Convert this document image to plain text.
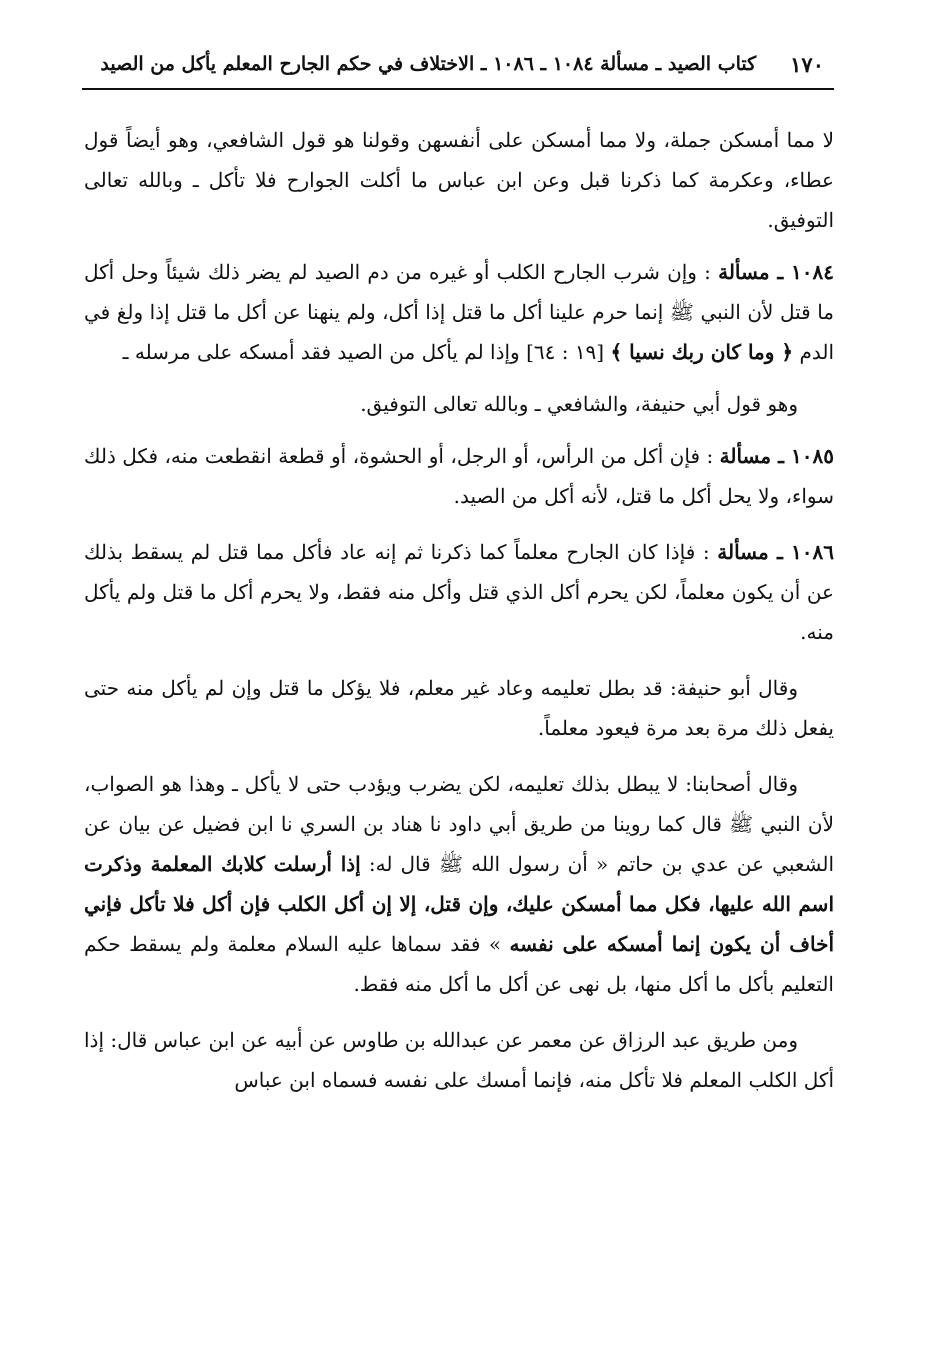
١٧٠
كتاب الصيد ـ مسألة ١٠٨٤ ـ ١٠٨٦ ـ الاختلاف في حكم الجارح المعلم يأكل من الصيد

لا مما أمسكن جملة، ولا مما أمسكن على أنفسهن وقولنا هو قول الشافعي، وهو أيضاً قول عطاء، وعكرمة كما ذكرنا قبل وعن ابن عباس ما أكلت الجوارح فلا تأكل ـ وبالله تعالى التوفيق.

١٠٨٤ ـ مسألة : وإن شرب الجارح الكلب أو غيره من دم الصيد لم يضر ذلك شيئاً وحل أكل ما قتل لأن النبي ﷺ إنما حرم علينا أكل ما قتل إذا أكل، ولم ينهنا عن أكل ما قتل إذا ولغ في الدم ﴿ وما كان ربك نسيا ﴾ [١٩ : ٦٤] وإذا لم يأكل من الصيد فقد أمسكه على مرسله ـ

وهو قول أبي حنيفة، والشافعي ـ وبالله تعالى التوفيق.

١٠٨٥ ـ مسألة : فإن أكل من الرأس، أو الرجل، أو الحشوة، أو قطعة انقطعت منه، فكل ذلك سواء، ولا يحل أكل ما قتل، لأنه أكل من الصيد.

١٠٨٦ ـ مسألة : فإذا كان الجارح معلماً كما ذكرنا ثم إنه عاد فأكل مما قتل لم يسقط بذلك عن أن يكون معلماً، لكن يحرم أكل الذي قتل وأكل منه فقط، ولا يحرم أكل ما قتل ولم يأكل منه.

وقال أبو حنيفة: قد بطل تعليمه وعاد غير معلم، فلا يؤكل ما قتل وإن لم يأكل منه حتى يفعل ذلك مرة بعد مرة فيعود معلماً.

وقال أصحابنا: لا يبطل بذلك تعليمه، لكن يضرب ويؤدب حتى لا يأكل ـ وهذا هو الصواب، لأن النبي ﷺ قال كما روينا من طريق أبي داود نا هناد بن السري نا ابن فضيل عن بيان عن الشعبي عن عدي بن حاتم « أن رسول الله ﷺ قال له: إذا أرسلت كلابك المعلمة وذكرت اسم الله عليها، فكل مما أمسكن عليك، وإن قتل، إلا إن أكل الكلب فإن أكل فلا تأكل فإني أخاف أن يكون إنما أمسكه على نفسه » فقد سماها عليه السلام معلمة ولم يسقط حكم التعليم بأكل ما أكل منها، بل نهى عن أكل ما أكل منه فقط.

ومن طريق عبد الرزاق عن معمر عن عبدالله بن طاوس عن أبيه عن ابن عباس قال: إذا أكل الكلب المعلم فلا تأكل منه، فإنما أمسك على نفسه فسماه ابن عباس
